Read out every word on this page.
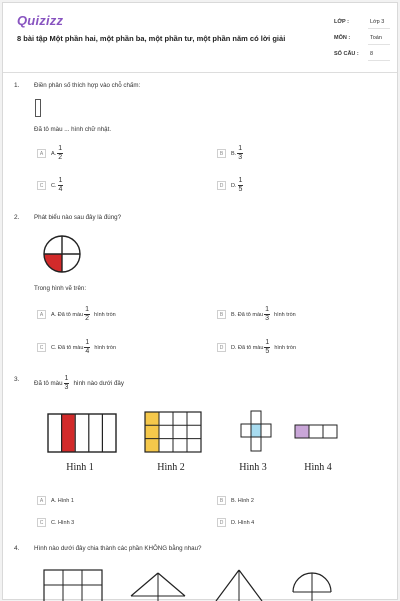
Quizizz
8 bài tập Một phần hai, một phần ba, một phần tư, một phần năm có lời giải
LỚP :	Lớp 3
MÔN :	Toán
SỐ CÂU : 8
1. Điền phân số thích hợp vào chỗ chấm:
Đã tô màu ... hình chữ nhật.
A	A. $\frac{1}{2}$	B	B. $\frac{1}{3}$
C	C. $\frac{1}{4}$	D	D. $\frac{1}{5}$
2. Phát biểu nào sau đây là đúng?
Trong hình vẽ trên:
A	A. Đã tô màu $\frac{1}{2}$ hình tròn	B	B. Đã tô màu $\frac{1}{3}$ hình tròn
C	C. Đã tô màu $\frac{1}{4}$ hình tròn	D	D. Đã tô màu $\frac{1}{5}$ hình tròn
3.
Đã tô màu $\frac{1}{3}$ hình nào dưới đây
Hình 1	Hình 2	Hình 3	Hình 4
A	A. Hình 1	B	B. Hình 2
C	C. Hình 3	D	D. Hình 4
4. Hình nào dưới đây chia thành các phần KHÔNG bằng nhau?
